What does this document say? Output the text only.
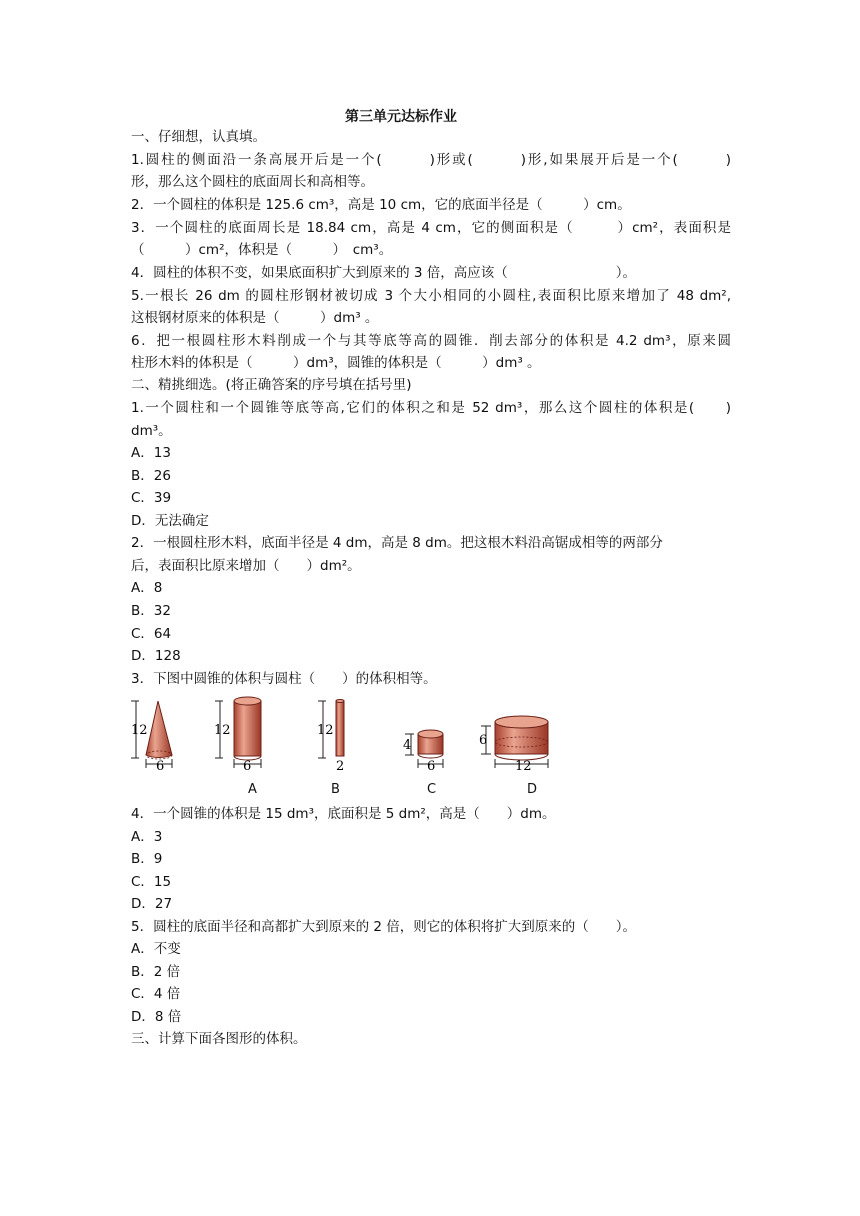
第三单元达标作业
一、仔细想，认真填。
1.圆柱的侧面沿一条高展开后是一个(　　　)形或(　　　)形,如果展开后是一个(　　　)
形，那么这个圆柱的底面周长和高相等。
2．一个圆柱的体积是 125.6 cm³，高是 10 cm，它的底面半径是（　　　）cm。
3．一个圆柱的底面周长是 18.84 cm，高是 4 cm，它的侧面积是（　　　）cm²，表面积是
（　　　）cm²，体积是（　　　）　cm³。
4．圆柱的体积不变，如果底面积扩大到原来的 3 倍，高应该（　　　　　　　　）。
5.一根长 26 dm 的圆柱形钢材被切成 3 个大小相同的小圆柱,表面积比原来增加了 48 dm²,
这根钢材原来的体积是（　　　）dm³ 。
6．把一根圆柱形木料削成一个与其等底等高的圆锥．削去部分的体积是 4.2 dm³，原来圆
柱形木料的体积是（　　　）dm³，圆锥的体积是（　　　）dm³ 。
二、精挑细选。(将正确答案的序号填在括号里)
1.一个圆柱和一个圆锥等底等高,它们的体积之和是 52 dm³，那么这个圆柱的体积是(　　)
dm³。
A．13
B．26
C．39
D．无法确定
2．一根圆柱形木料，底面半径是 4 dm，高是 8 dm。把这根木料沿高锯成相等的两部分
后，表面积比原来增加（　　）dm²。
A．8
B．32
C．64
D．128
3．下图中圆锥的体积与圆柱（　　）的体积相等。
12
6
12
6
12
2
4
6
6
12
A	B	C	D
4．一个圆锥的体积是 15 dm³，底面积是 5 dm²，高是（　　）dm。
A．3
B．9
C．15
D．27
5．圆柱的底面半径和高都扩大到原来的 2 倍，则它的体积将扩大到原来的（　　）。
A．不变
B．2 倍
C．4 倍
D．8 倍
三、计算下面各图形的体积。
